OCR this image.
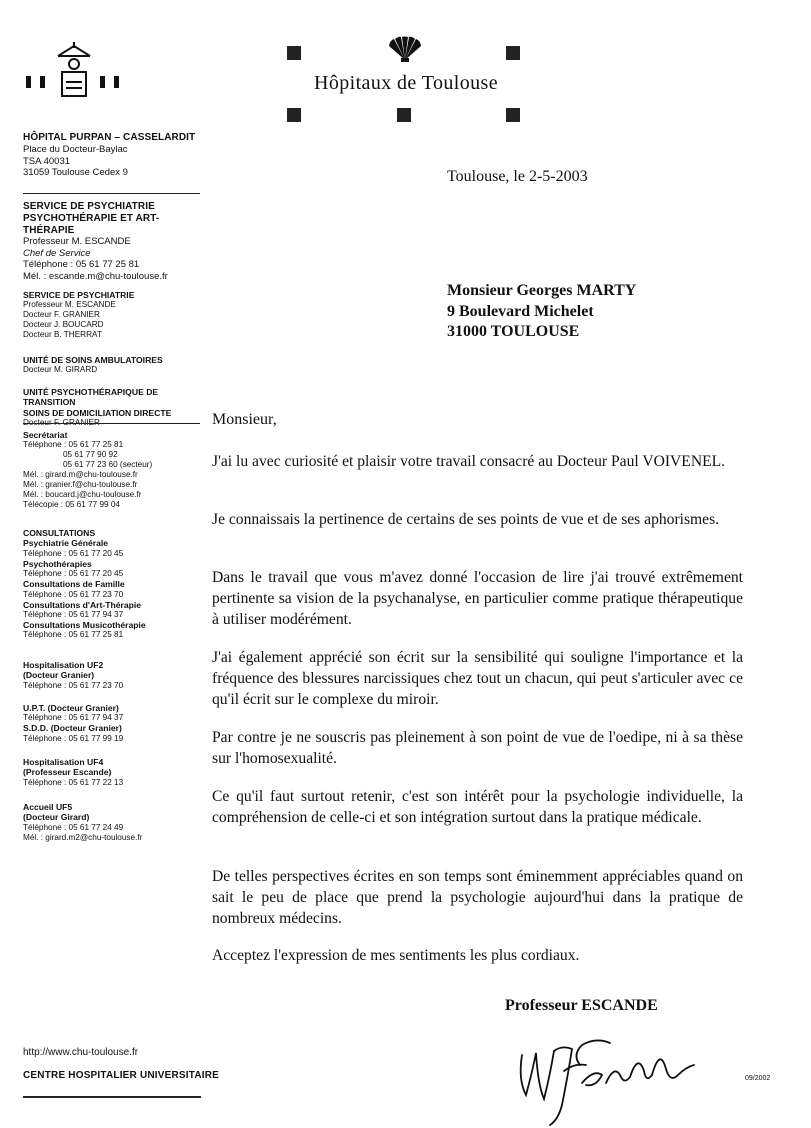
Hôpitaux de Toulouse
HÔPITAL PURPAN – CASSELARDIT
Place du Docteur-Baylac
TSA 40031
31059 Toulouse Cedex 9
SERVICE DE PSYCHIATRIE
PSYCHOTHÉRAPIE ET ART-THÉRAPIE
Professeur M. ESCANDE
Chef de Service
Téléphone : 05 61 77 25 81
Mél. : escande.m@chu-toulouse.fr
SERVICE DE PSYCHIATRIE
Professeur M. ESCANDE
Docteur F. GRANIER
Docteur J. BOUCARD
Docteur B. THERRAT
UNITÉ DE SOINS AMBULATOIRES
Docteur M. GIRARD
UNITÉ PSYCHOTHÉRAPIQUE DE TRANSITION
SOINS DE DOMICILIATION DIRECTE
Docteur F. GRANIER
Secrétariat
Téléphone : 05 61 77 25 81
05 61 77 90 92
05 61 77 23 60 (secteur)
Mél. : girard.m@chu-toulouse.fr
Mél. : granier.f@chu-toulouse.fr
Mél. : boucard.j@chu-toulouse.fr
Télécopie : 05 61 77 99 04
CONSULTATIONS
Psychiatrie Générale
Téléphone : 05 61 77 20 45
Psychothérapies
Téléphone : 05 61 77 20 45
Consultations de Famille
Téléphone : 05 61 77 23 70
Consultations d'Art-Thérapie
Téléphone : 05 61 77 94 37
Consultations Musicothérapie
Téléphone : 05 61 77 25 81
Hospitalisation UF2
(Docteur Granier)
Téléphone : 05 61 77 23 70
U.P.T. (Docteur Granier)
Téléphone : 05 61 77 94 37
S.D.D. (Docteur Granier)
Téléphone : 05 61 77 99 19
Hospitalisation UF4
(Professeur Escande)
Téléphone : 05 61 77 22 13
Accueil UF5
(Docteur Girard)
Téléphone : 05 61 77 24 49
Mél. : girard.m2@chu-toulouse.fr
Toulouse, le 2-5-2003
Monsieur Georges MARTY
9 Boulevard Michelet
31000 TOULOUSE
Monsieur,
J'ai lu avec curiosité et plaisir votre travail consacré au Docteur Paul VOIVENEL.
Je connaissais la pertinence de certains de ses points de vue et de ses aphorismes.
Dans le travail que vous m'avez donné l'occasion de lire j'ai trouvé extrêmement pertinente sa vision de la psychanalyse, en particulier comme pratique thérapeutique à utiliser modérément.
J'ai également apprécié son écrit sur la sensibilité qui souligne l'importance et la fréquence des blessures narcissiques chez tout un chacun, qui peut s'articuler avec ce qu'il écrit sur le complexe du miroir.
Par contre je ne souscris pas pleinement à son point de vue de l'oedipe, ni à sa thèse sur l'homosexualité.
Ce qu'il faut surtout retenir, c'est son intérêt pour la psychologie individuelle, la compréhension de celle-ci et son intégration surtout dans la pratique médicale.
De telles perspectives écrites en son temps sont éminemment appréciables quand on sait le peu de place que prend la psychologie aujourd'hui dans la pratique de nombreux médecins.
Acceptez l'expression de mes sentiments les plus cordiaux.
Professeur ESCANDE
http://www.chu-toulouse.fr
CENTRE HOSPITALIER UNIVERSITAIRE	09/2002
